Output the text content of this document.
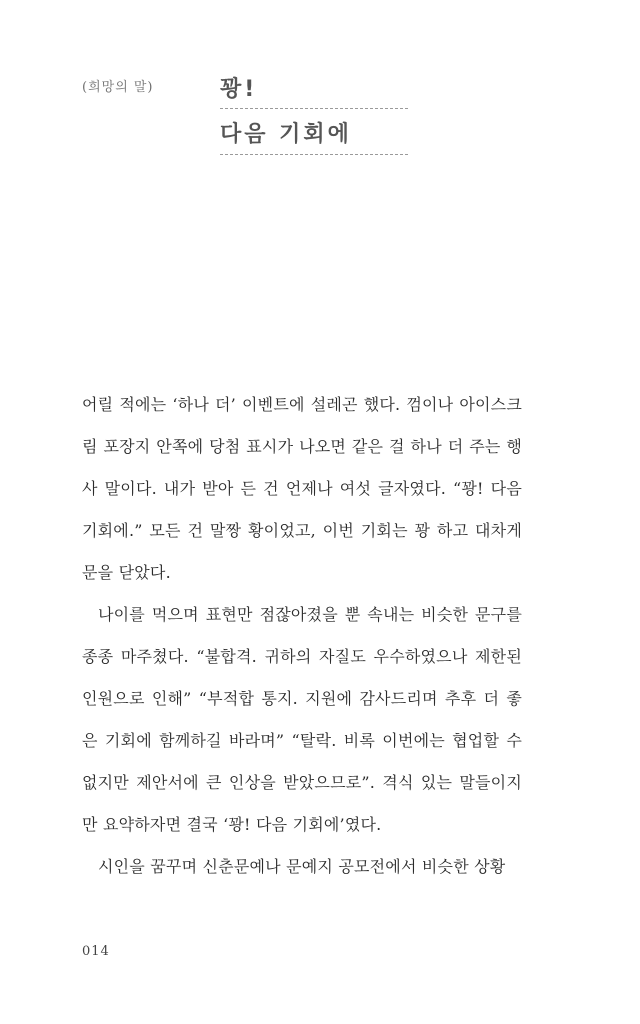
(희망의 말)	꽝!
다음 기회에

어릴 적에는 ‘하나 더’ 이벤트에 설레곤 했다. 껌이나 아이스크림 포장지 안쪽에 당첨 표시가 나오면 같은 걸 하나 더 주는 행사 말이다. 내가 받아 든 건 언제나 여섯 글자였다. “꽝! 다음 기회에.” 모든 건 말짱 황이었고, 이번 기회는 꽝 하고 대차게 문을 닫았다.

나이를 먹으며 표현만 점잖아졌을 뿐 속내는 비슷한 문구를 종종 마주쳤다. “불합격. 귀하의 자질도 우수하였으나 제한된 인원으로 인해” “부적합 통지. 지원에 감사드리며 추후 더 좋은 기회에 함께하길 바라며” “탈락. 비록 이번에는 협업할 수 없지만 제안서에 큰 인상을 받았으므로”. 격식 있는 말들이지만 요약하자면 결국 ‘꽝! 다음 기회에’였다.

시인을 꿈꾸며 신춘문예나 문예지 공모전에서 비슷한 상황

014
